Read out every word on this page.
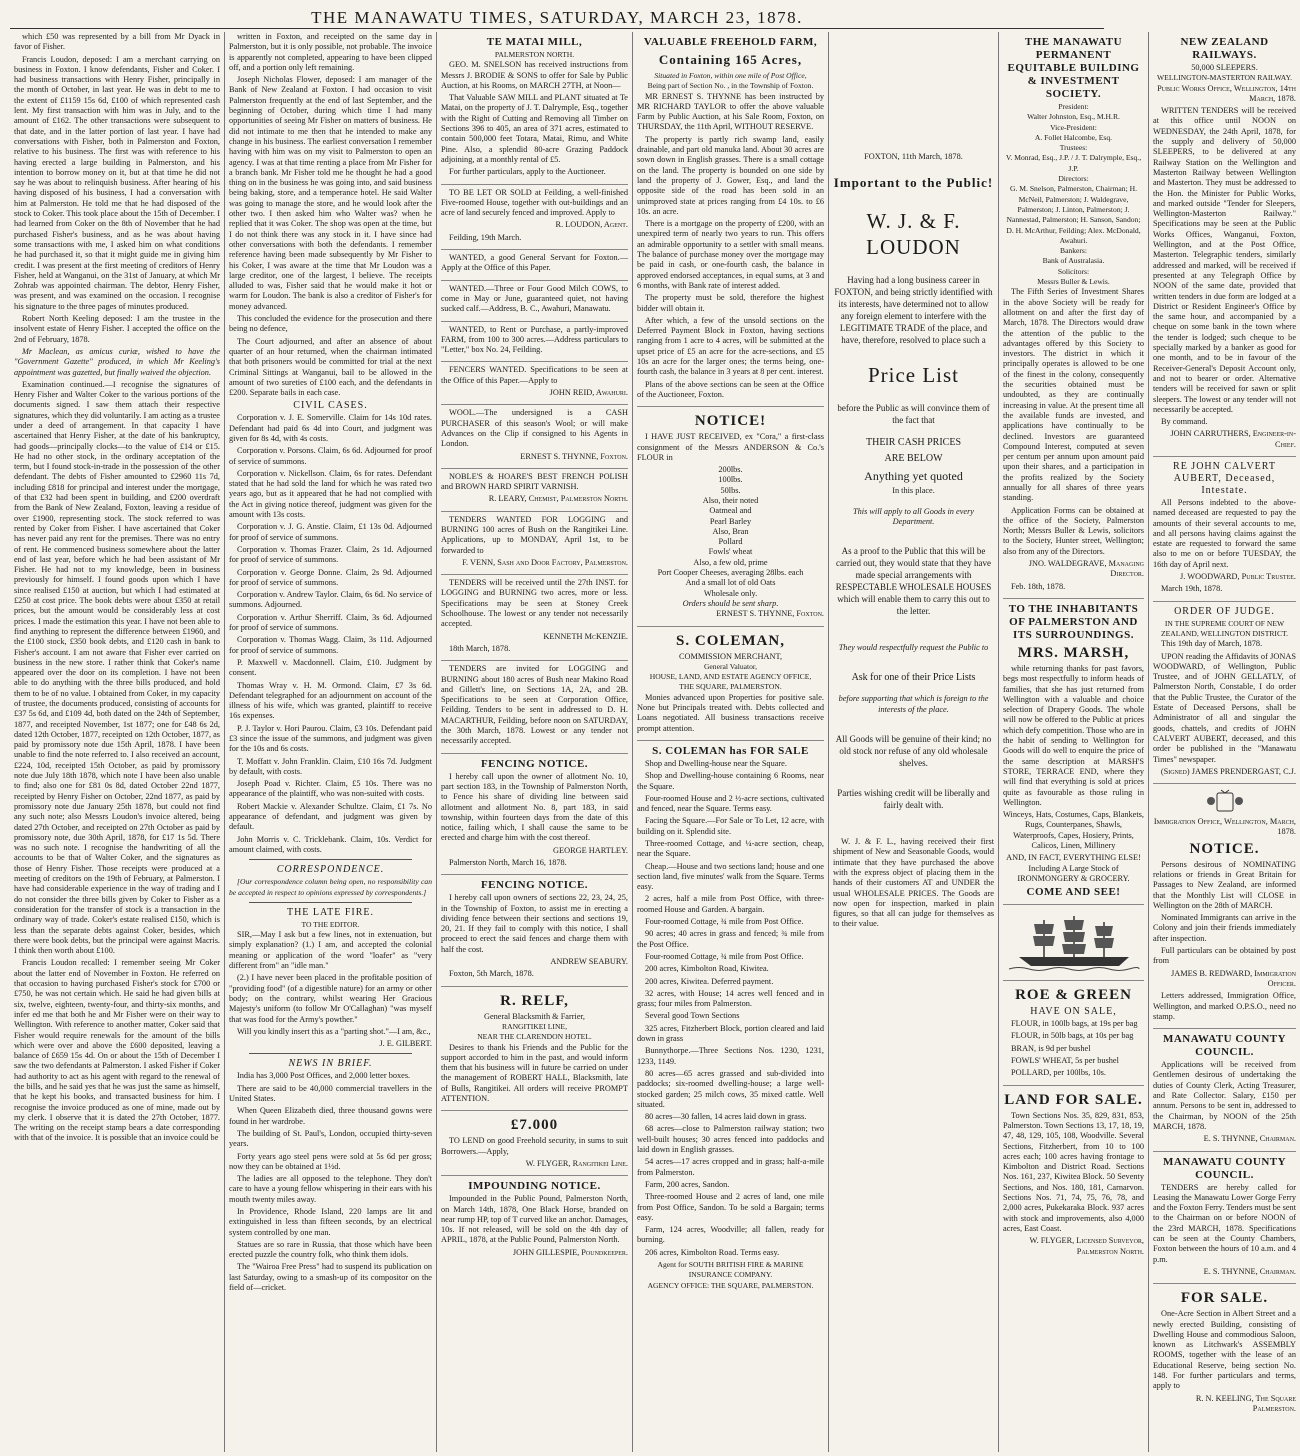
THE MANAWATU TIMES, SATURDAY, MARCH 23, 1878.

which £50 was represented by a bill from Mr Dyack in favor of Fisher.

Francis Loudon, deposed: I am a merchant carrying on business in Foxton. I know defendants, Fisher and Coker. I had business transactions with Henry Fisher, principally in the month of October, in last year. He was in debt to me to the extent of £1159 15s 6d, £100 of which represented cash lent. My first transaction with him was in July, and to the amount of £162. The other transactions were subsequent to that date, and in the latter portion of last year. I have had conversations with Fisher, both in Palmerston and Foxton, relative to his business. The first was with reference to his having erected a large building in Palmerston, and his intention to borrow money on it, but at that time he did not say he was about to relinquish business. After hearing of his having disposed of his business, I had a conversation with him at Palmerston. He told me that he had disposed of the stock to Coker. This took place about the 15th of December. I had learned from Coker on the 8th of November that he had purchased Fisher's business, and as he was about having some transactions with me, I asked him on what conditions he had purchased it, so that it might guide me in giving him credit. I was present at the first meeting of creditors of Henry Fisher, held at Wanganui, on the 31st of January, at which Mr Zohrab was appointed chairman. The debtor, Henry Fisher, was present, and was examined on the occasion. I recognise his signature to the three pages of minutes produced.

Robert North Keeling deposed: I am the trustee in the insolvent estate of Henry Fisher. I accepted the office on the 2nd of February, 1878.

Mr Maclean, as amicus curiæ, wished to have the "Government Gazette" produced, in which Mr Keeling's appointment was gazetted, but finally waived the objection.

Examination continued.—I recognise the signatures of Henry Fisher and Walter Coker to the various portions of the documents signed. I saw them attach their respective signatures, which they did voluntarily. I am acting as a trustee under a deed of arrangement. In that capacity I have ascertained that Henry Fisher, at the date of his bankruptcy, had goods—principally clocks—to the value of £14 or £15. He had no other stock, in the ordinary acceptation of the term, but I found stock-in-trade in the possession of the other defendant. The debts of Fisher amounted to £2960 11s 7d, including £818 for principal and interest under the mortgage, of that £32 had been spent in building, and £200 overdraft from the Bank of New Zealand, Foxton, leaving a residue of over £1900, representing stock. The stock referred to was rented by Coker from Fisher. I have ascertained that Coker has never paid any rent for the premises. There was no entry of rent. He commenced business somewhere about the latter end of last year, before which he had been assistant of Mr Fisher. He had not to my knowledge, been in business previously for himself. I found goods upon which I have since realised £150 at auction, but which I had estimated at £250 at cost price. The book debts were about £350 at retail prices, but the amount would be considerably less at cost prices. I made the estimation this year. I have not been able to find anything to represent the difference between £1960, and the £100 stock, £350 book debts, and £120 cash in bank to Fisher's account. I am not aware that Fisher ever carried on business in the new store. I rather think that Coker's name appeared over the door on its completion. I have not been able to do anything with the three bills produced, and hold them to be of no value. I obtained from Coker, in my capacity of trustee, the documents produced, consisting of accounts for £37 5s 6d, and £109 4d, both dated on the 24th of September, 1877, and receipted November, 1st 1877; one for £48 6s 2d, dated 12th October, 1877, receipted on 12th October, 1877, as paid by promissory note due 15th April, 1878. I have been unable to find the note referred to. I also received an account, £224, 10d, receipted 15th October, as paid by promissory note due July 18th 1878, which note I have been also unable to find; also one for £81 0s 8d, dated October 22nd 1877, receipted by Henry Fisher on October, 22nd 1877, as paid by promissory note due January 25th 1878, but could not find any such note; also Messrs Loudon's invoice altered, being dated 27th October, and receipted on 27th October as paid by promissory note, due 30th April, 1878, for £17 1s 5d. There was no such note. I recognise the handwriting of all the accounts to be that of Walter Coker, and the signatures as those of Henry Fisher. Those receipts were produced at a meeting of creditors on the 19th of February, at Palmerston. I have had considerable experience in the way of trading and I do not consider the three bills given by Coker to Fisher as a consideration for the transfer of stock is a transaction in the ordinary way of trade. Coker's estate realised £150, which is less than the separate debts against Coker, besides, which there were book debts, but the principal were against Macris. I think then worth about £100.

Francis Loudon recalled: I remember seeing Mr Coker about the latter end of November in Foxton. He referred on that occasion to having purchased Fisher's stock for £700 or £750, he was not certain which. He said he had given bills at six, twelve, eighteen, twenty-four, and thirty-six months, and infer ed me that both he and Mr Fisher were on their way to Wellington. With reference to another matter, Coker said that Fisher would require renewals for the amount of the bills which were over and above the £600 deposited, leaving a balance of £659 15s 4d. On or about the 15th of December I saw the two defendants at Palmerston. I asked Fisher if Coker had authority to act as his agent with regard to the renewal of the bills, and he said yes that he was just the same as himself, that he kept his books, and transacted business for him. I recognise the invoice produced as one of mine, made out by my clerk. I observe that it is dated the 27th October, 1877. The writing on the receipt stamp bears a date corresponding with that of the invoice. It is possible that an invoice could be

written in Foxton, and receipted on the same day in Palmerston, but it is only possible, not probable. The invoice is apparently not completed, appearing to have been clipped off, and a portion only left remaining.

Joseph Nicholas Flower, deposed: I am manager of the Bank of New Zealand at Foxton. I had occasion to visit Palmerston frequently at the end of last September, and the beginning of October, during which time I had many opportunities of seeing Mr Fisher on matters of business. He did not intimate to me then that he intended to make any change in his business. The earliest conversation I remember having with him was on my visit to Palmerston to open an agency. I was at that time renting a place from Mr Fisher for a branch bank. Mr Fisher told me he thought he had a good thing on in the business he was going into, and said business being baking, store, and a temperance hotel. He said Walter was going to manage the store, and he would look after the other two. I then asked him who Walter was? when he replied that it was Coker. The shop was open at the time, but I do not think there was any stock in it. I have since had other conversations with both the defendants. I remember reference having been made subsequently by Mr Fisher to his Coker, I was aware at the time that Mr Loudon was a large creditor, one of the largest, I believe. The receipts alluded to was, Fisher said that he would make it hot or warm for Loudon. The bank is also a creditor of Fisher's for money advanced.

This concluded the evidence for the prosecution and there being no defence,

The Court adjourned, and after an absence of about quarter of an hour returned, when the chairman intimated that both prisoners would be committed for trial at the next Criminal Sittings at Wanganui, bail to be allowed in the amount of two sureties of £100 each, and the defendants in £200. Separate bails in each case.

CIVIL CASES.

Corporation v. J. E. Somerville. Claim for 14s 10d rates. Defendant had paid 6s 4d into Court, and judgment was given for 8s 4d, with 4s costs.

Corporation v. Porsons. Claim, 6s 6d. Adjourned for proof of service of summons.

Corporation v. Nickellson. Claim, 6s for rates. Defendant stated that he had sold the land for which he was rated two years ago, but as it appeared that he had not complied with the Act in giving notice thereof, judgment was given for the amount with 13s costs.

Corporation v. J. G. Anstie. Claim, £1 13s 0d. Adjourned for proof of service of summons.

Corporation v. Thomas Frazer. Claim, 2s 1d. Adjourned for proof of service of summons.

Corporation v. George Donne. Claim, 2s 9d. Adjourned for proof of service of summons.

Corporation v. Andrew Taylor. Claim, 6s 6d. No service of summons. Adjourned.

Corporation v. Arthur Sherriff. Claim, 3s 6d. Adjourned for proof of service of summons.

Corporation v. Thomas Wagg. Claim, 3s 11d. Adjourned for proof of service of summons.

P. Maxwell v. Macdonnell. Claim, £10. Judgment by consent.

Thomas Wray v. H. M. Ormond. Claim, £7 3s 6d. Defendant telegraphed for an adjournment on account of the illness of his wife, which was granted, plaintiff to receive 16s expenses.

P. J. Taylor v. Hori Paurou. Claim, £3 10s. Defendant paid £3 since the issue of the summons, and judgment was given for the 10s and 6s costs.

T. Moffatt v. John Franklin. Claim, £10 16s 7d. Judgment by default, with costs.

Joseph Poad v. Richter. Claim, £5 10s. There was no appearance of the plaintiff, who was non-suited with costs.

Robert Mackie v. Alexander Schultze. Claim, £1 7s. No appearance of defendant, and judgment was given by default.

John Morris v. C. Tricklebank. Claim, 10s. Verdict for amount claimed, with costs.

CORRESPONDENCE.

[Our correspondence column being open, no responsibility can be accepted in respect to opinions expressed by correspondents.]

THE LATE FIRE.
TO THE EDITOR.

SIR,—May I ask but a few lines, not in extenuation, but simply explanation? (1.) I am, and accepted the colonial meaning or application of the word "loafer" as "very different from" an "idle man."

(2.) I have never been placed in the profitable position of "providing food" (of a digestible nature) for an army or other body; on the contrary, whilst wearing Her Gracious Majesty's uniform (to follow Mr O'Callaghan) "was myself that was food for the Army's powther."

Will you kindly insert this as a "parting shot."—I am, &c.,

J. E. GILBERT.

NEWS IN BRIEF.

India has 3,000 Post Offices, and 2,000 letter boxes.

There are said to be 40,000 commercial travellers in the United States.

When Queen Elizabeth died, three thousand gowns were found in her wardrobe.

The building of St. Paul's, London, occupied thirty-seven years.

Forty years ago steel pens were sold at 5s 6d per gross; now they can be obtained at 1½d.

The ladies are all opposed to the telephone. They don't care to have a young fellow whispering in their ears with his mouth twenty miles away.

In Providence, Rhode Island, 220 lamps are lit and extinguished in less than fifteen seconds, by an electrical system controlled by one man.

Statues are so rare in Russia, that those which have been erected puzzle the country folk, who think them idols.

The "Wairoa Free Press" had to suspend its publication on last Saturday, owing to a smash-up of its compositor on the field of—cricket.

TE MATAI MILL,
PALMERSTON NORTH.

GEO. M. SNELSON has received instructions from Messrs J. BRODIE & SONS to offer for Sale by Public Auction, at his Rooms, on MARCH 27TH, at Noon—

That Valuable SAW MILL and PLANT situated at Te Matai, on the property of J. T. Dalrymple, Esq., together with the Right of Cutting and Removing all Timber on Sections 396 to 405, an area of 371 acres, estimated to contain 500,000 feet Totara, Matai, Rimu, and White Pine. Also, a splendid 80-acre Grazing Paddock adjoining, at a monthly rental of £5.

For further particulars, apply to the Auctioneer.

TO BE LET OR SOLD at Feilding, a well-finished Five-roomed House, together with out-buildings and an acre of land securely fenced and improved. Apply to

R. LOUDON, Agent.

Feilding, 19th March.

WANTED, a good General Servant for Foxton.—Apply at the Office of this Paper.

WANTED.—Three or Four Good Milch COWS, to come in May or June, guaranteed quiet, not having sucked calf.—Address, B. C., Awahuri, Manawatu.

WANTED, to Rent or Purchase, a partly-improved FARM, from 100 to 300 acres.—Address particulars to "Letter," box No. 24, Feilding.

FENCERS WANTED. Specifications to be seen at the Office of this Paper.—Apply to

JOHN REID, Awahuri.

WOOL.—The undersigned is a CASH PURCHASER of this season's Wool; or will make Advances on the Clip if consigned to his Agents in London.

ERNEST S. THYNNE, Foxton.

NOBLE'S & HOARE'S BEST FRENCH POLISH and BROWN HARD SPIRIT VARNISH.

R. LEARY, Chemist, Palmerston North.

TENDERS WANTED FOR LOGGING and BURNING 100 acres of Bush on the Rangitikei Line. Applications, up to MONDAY, April 1st, to be forwarded to

F. VENN, Sash and Door Factory, Palmerston.

TENDERS will be received until the 27th INST. for LOGGING and BURNING two acres, more or less. Specifications may be seen at Stoney Creek Schoolhouse. The lowest or any tender not necessarily accepted.

KENNETH McKENZIE.

18th March, 1878.

TENDERS are invited for LOGGING and BURNING about 180 acres of Bush near Makino Road and Gillett's line, on Sections 1A, 2A, and 2B. Specifications to be seen at Corporation Office, Feilding. Tenders to be sent in addressed to D. H. MACARTHUR, Feilding, before noon on SATURDAY, the 30th March, 1878. Lowest or any tender not necessarily accepted.

FENCING NOTICE.

I hereby call upon the owner of allotment No. 10, part section 183, in the Township of Palmerston North, to Fence his share of dividing line between said allotment and allotment No. 8, part 183, in said township, within fourteen days from the date of this notice, failing which, I shall cause the same to be erected and charge him with the cost thereof.

GEORGE HARTLEY.

Palmerston North, March 16, 1878.

FENCING NOTICE.

I hereby call upon owners of sections 22, 23, 24, 25, in the Township of Foxton, to assist me in erecting a dividing fence between their sections and sections 19, 20, 21. If they fail to comply with this notice, I shall proceed to erect the said fences and charge them with half the cost.

ANDREW SEABURY.

Foxton, 5th March, 1878.

R. RELF,
General Blacksmith & Farrier,
RANGITIKEI LINE,
NEAR THE CLARENDON HOTEL.

Desires to thank his Friends and the Public for the support accorded to him in the past, and would inform them that his business will in future be carried on under the management of ROBERT HALL, Blacksmith, late of Bulls, Rangitikei. All orders will receive PROMPT ATTENTION.

£7.000

TO LEND on good Freehold security, in sums to suit Borrowers.—Apply,

W. FLYGER, Rangitikei Line.

IMPOUNDING NOTICE.

Impounded in the Public Pound, Palmerston North, on March 14th, 1878, One Black Horse, branded on near rump HP, top of T curved like an anchor. Damages, 10s. If not released, will be sold on the 4th day of APRIL, 1878, at the Public Pound, Palmerston North.

JOHN GILLESPIE, Poundkeeper.

VALUABLE FREEHOLD FARM,
Containing 165 Acres,
Situated in Foxton, within one mile of Post Office,
Being part of Section No. , in the Township of Foxton.

MR ERNEST S. THYNNE has been instructed by MR RICHARD TAYLOR to offer the above valuable Farm by Public Auction, at his Sale Room, Foxton, on THURSDAY, the 11th April, WITHOUT RESERVE.

The property is partly rich swamp land, easily drainable, and part old manuka land. About 30 acres are sown down in English grasses. There is a small cottage on the land. The property is bounded on one side by land the property of J. Gower, Esq., and land the opposite side of the road has been sold in an unimproved state at prices ranging from £4 10s. to £6 10s. an acre.

There is a mortgage on the property of £200, with an unexpired term of nearly two years to run. This offers an admirable opportunity to a settler with small means. The balance of purchase money over the mortgage may be paid in cash, or one-fourth cash, the balance in approved endorsed acceptances, in equal sums, at 3 and 6 months, with Bank rate of interest added.

The property must be sold, therefore the highest bidder will obtain it.

After which, a few of the unsold sections on the Deferred Payment Block in Foxton, having sections ranging from 1 acre to 4 acres, will be submitted at the upset price of £5 an acre for the acre-sections, and £5 10s an acre for the larger ones; the terms being, one-fourth cash, the balance in 3 years at 8 per cent. interest.

Plans of the above sections can be seen at the Office of the Auctioneer, Foxton.

NOTICE!

I HAVE JUST RECEIVED, ex "Cora," a first-class consignment of the Messrs ANDERSON & Co.'s FLOUR in

200lbs.
100lbs.
50lbs.
Also, their noted
Oatmeal and
Pearl Barley
Also, Bran
Pollard
Fowls' wheat
Also, a few old, prime
Port Cooper Cheeses, averaging 28lbs. each
And a small lot of old Oats
Wholesale only.
Orders should be sent sharp.

ERNEST S. THYNNE, Foxton.

S. COLEMAN,
COMMISSION MERCHANT,
General Valuator,
HOUSE, LAND, AND ESTATE AGENCY OFFICE,
THE SQUARE, PALMERSTON.

Monies advanced upon Properties for positive sale. None but Principals treated with. Debts collected and Loans negotiated. All business transactions receive prompt attention.

S. COLEMAN has FOR SALE

Shop and Dwelling-house near the Square.

Shop and Dwelling-house containing 6 Rooms, near the Square.

Four-roomed House and 2 ½-acre sections, cultivated and fenced, near the Square. Terms easy.

Facing the Square.—For Sale or To Let, 12 acre, with building on it. Splendid site.

Three-roomed Cottage, and ¼-acre section, cheap, near the Square.

Cheap.—House and two sections land; house and one section land, five minutes' walk from the Square. Terms easy.

2 acres, half a mile from Post Office, with three-roomed House and Garden. A bargain.

Four-roomed Cottage, ¾ mile from Post Office.

90 acres; 40 acres in grass and fenced; ¾ mile from the Post Office.

Four-roomed Cottage, ¾ mile from Post Office.

200 acres, Kimbolton Road, Kiwitea.

200 acres, Kiwitea. Deferred payment.

32 acres, with House; 14 acres well fenced and in grass; four miles from Palmerston.

Several good Town Sections

325 acres, Fitzherbert Block, portion cleared and laid down in grass

Bunnythorpe.—Three Sections Nos. 1230, 1231, 1233, 1149.

80 acres—65 acres grassed and sub-divided into paddocks; six-roomed dwelling-house; a large well-stocked garden; 25 milch cows, 35 mixed cattle. Well situated.

80 acres—30 fallen, 14 acres laid down in grass.

68 acres—close to Palmerston railway station; two well-built houses; 30 acres fenced into paddocks and laid down in English grasses.

54 acres—17 acres cropped and in grass; half-a-mile from Palmerston.

Farm, 200 acres, Sandon.

Three-roomed House and 2 acres of land, one mile from Post Office, Sandon. To be sold a Bargain; terms easy.

Farm, 124 acres, Woodville; all fallen, ready for burning.

206 acres, Kimbolton Road. Terms easy.

Agent for SOUTH BRITISH FIRE & MARINE INSURANCE COMPANY.
AGENCY OFFICE: THE SQUARE, PALMERSTON.

FOXTON, 11th March, 1878.

Important to the Public!
W. J. & F. LOUDON

Having had a long business career in FOXTON, and being strictly identified with its interests, have determined not to allow any foreign element to interfere with the LEGITIMATE TRADE of the place, and have, therefore, resolved to place such a

Price List

before the Public as will convince them of the fact that

THEIR CASH PRICES

ARE BELOW

Anything yet quoted

In this place.

This will apply to all Goods in every Department.

As a proof to the Public that this will be carried out, they would state that they have made special arrangements with RESPECTABLE WHOLESALE HOUSES which will enable them to carry this out to the letter.

They would respectfully request the Public to

Ask for one of their Price Lists

before supporting that which is foreign to the interests of the place.

All Goods will be genuine of their kind; no old stock nor refuse of any old wholesale shelves.

Parties wishing credit will be liberally and fairly dealt with.

W. J. & F. L., having received their first shipment of New and Seasonable Goods, would intimate that they have purchased the above with the express object of placing them in the hands of their customers AT and UNDER the usual WHOLESALE PRICES. The Goods are now open for inspection, marked in plain figures, so that all can judge for themselves as to their value.

THE MANAWATU PERMANENT EQUITABLE BUILDING & INVESTMENT SOCIETY.
President:
Walter Johnston, Esq., M.H.R.
Vice-President:
A. Follet Halcombe, Esq.
Trustees:
V. Monrad, Esq., J.P. / J. T. Dalrymple, Esq., J.P.
Directors:
G. M. Snelson, Palmerston, Chairman; H. McNeil, Palmerston; J. Waldegrave, Palmerston; J. Linton, Palmerston; J. Nannestad, Palmerston; H. Sanson, Sandon; D. H. McArthur, Feilding; Alex. McDonald, Awahuri.
Bankers:
Bank of Australasia.
Solicitors:
Messrs Buller & Lewis.

The Fifth Series of Investment Shares in the above Society will be ready for allotment on and after the first day of March, 1878. The Directors would draw the attention of the public to the advantages offered by this Society to investors. The district in which it principally operates is allowed to be one of the finest in the colony, consequently the securities obtained must be undoubted, as they are continually increasing in value. At the present time all the available funds are invested, and applications have continually to be declined. Investors are guaranteed Compound Interest, computed at seven per centum per annum upon amount paid upon their shares, and a participation in the profits realized by the Society annually for all shares of three years standing.

Application Forms can be obtained at the office of the Society, Palmerston North; Messrs Buller & Lewis, solicitors to the Society, Hunter street, Wellington; also from any of the Directors.

JNO. WALDEGRAVE, Managing Director.

Feb. 18th, 1878.

TO THE INHABITANTS OF PALMERSTON AND ITS SURROUNDINGS.
MRS. MARSH,

while returning thanks for past favors, begs most respectfully to inform heads of families, that she has just returned from Wellington with a valuable and choice selection of Drapery Goods. The whole will now be offered to the Public at prices which defy competition. Those who are in the habit of sending to Wellington for Goods will do well to enquire the price of the same description at MARSH'S STORE, TERRACE END, where they will find that everything is sold at prices quite as favourable as those ruling in Wellington.

Winceys, Hats, Costumes, Caps, Blankets, Rugs, Counterpanes, Shawls, Waterproofs, Capes, Hosiery, Prints, Calicos, Linen, Millinery

AND, IN FACT, EVERYTHING ELSE! Including A Large Stock of IRONMONGERY & GROCERY.

COME AND SEE!
ROE & GREEN
HAVE ON SALE,

FLOUR, in 100lb bags, at 19s per bag

FLOUR, in 50lb bags, at 10s per bag

BRAN, is 9d per bushel

FOWLS' WHEAT, 5s per bushel

POLLARD, per 100lbs, 10s.

LAND FOR SALE.

Town Sections Nos. 35, 829, 831, 853, Palmerston. Town Sections 13, 17, 18, 19, 47, 48, 129, 105, 108, Woodville. Several Sections, Fitzherbert, from 10 to 100 acres each; 100 acres having frontage to Kimbolton and District Road. Sections Nos. 161, 237, Kiwitea Block. 50 Seventy Sections, and Nos. 180, 181, Carnarvon. Sections Nos. 71, 74, 75, 76, 78, and 2,000 acres, Pukekaraka Block. 937 acres with stock and improvements, also 4,000 acres, East Coast.

W. FLYGER, Licensed Surveyor, Palmerston North.

NEW ZEALAND RAILWAYS.
50,000 SLEEPERS.
WELLINGTON-MASTERTON RAILWAY.

Public Works Office, Wellington, 14th March, 1878.

WRITTEN TENDERS will be received at this office until NOON on WEDNESDAY, the 24th April, 1878, for the supply and delivery of 50,000 SLEEPERS, to be delivered at any Railway Station on the Wellington and Masterton Railway between Wellington and Masterton. They must be addressed to the Hon. the Minister for Public Works, and marked outside "Tender for Sleepers, Wellington-Masterton Railway." Specifications may be seen at the Public Works Offices, Wanganui, Foxton, Wellington, and at the Post Office, Masterton. Telegraphic tenders, similarly addressed and marked, will be received if presented at any Telegraph Office by NOON of the same date, provided that written tenders in due form are lodged at a District or Resident Engineer's Office by the same hour, and accompanied by a cheque on some bank in the town where the tender is lodged; such cheque to be specially marked by a banker as good for one month, and to be in favour of the Receiver-General's Deposit Account only, and not to bearer or order. Alternative tenders will be received for sawn or split sleepers. The lowest or any tender will not necessarily be accepted.

By command.

JOHN CARRUTHERS, Engineer-in-Chief.

RE JOHN CALVERT AUBERT, Deceased, Intestate.

All Persons indebted to the above-named deceased are requested to pay the amounts of their several accounts to me, and all persons having claims against the estate are requested to forward the same also to me on or before TUESDAY, the 16th day of April next.

J. WOODWARD, Public Trustee.

March 19th, 1878.

ORDER OF JUDGE.
IN THE SUPREME COURT OF NEW ZEALAND, WELLINGTON DISTRICT.

This 19th day of March, 1878.

UPON reading the Affidavits of JONAS WOODWARD, of Wellington, Public Trustee, and of JOHN GELLATLY, of Palmerston North, Constable, I do order that the Public Trustee, the Curator of the Estate of Deceased Persons, shall be Administrator of all and singular the goods, chattels, and credits of JOHN CALVERT AUBERT, deceased, and this order be published in the "Manawatu Times" newspaper.

(Signed) JAMES PRENDERGAST, C.J.

Immigration Office, Wellington, March, 1878.

NOTICE.

Persons desirous of NOMINATING relations or friends in Great Britain for Passages to New Zealand, are informed that the Monthly List will CLOSE in Wellington on the 28th of MARCH.

Nominated Immigrants can arrive in the Colony and join their friends immediately after inspection.

Full particulars can be obtained by post from

JAMES B. REDWARD, Immigration Officer.

Letters addressed, Immigration Office, Wellington, and marked O.P.S.O., need no stamp.

MANAWATU COUNTY COUNCIL.

Applications will be received from Gentlemen desirous of undertaking the duties of County Clerk, Acting Treasurer, and Rate Collector. Salary, £150 per annum. Persons to be sent in, addressed to the Chairman, by NOON of the 25th MARCH, 1878.

E. S. THYNNE, Chairman.

MANAWATU COUNTY COUNCIL.

TENDERS are hereby called for Leasing the Manawatu Lower Gorge Ferry and the Foxton Ferry. Tenders must be sent to the Chairman on or before NOON of the 23rd MARCH, 1878. Specifications can be seen at the County Chambers, Foxton between the hours of 10 a.m. and 4 p.m.

E. S. THYNNE, Chairman.

FOR SALE.

One-Acre Section in Albert Street and a newly erected Building, consisting of Dwelling House and commodious Saloon, known as Litchwark's ASSEMBLY ROOMS, together with the lease of an Educational Reserve, being section No. 148. For further particulars and terms, apply to

R. N. KEELING, The Square Palmerston.
